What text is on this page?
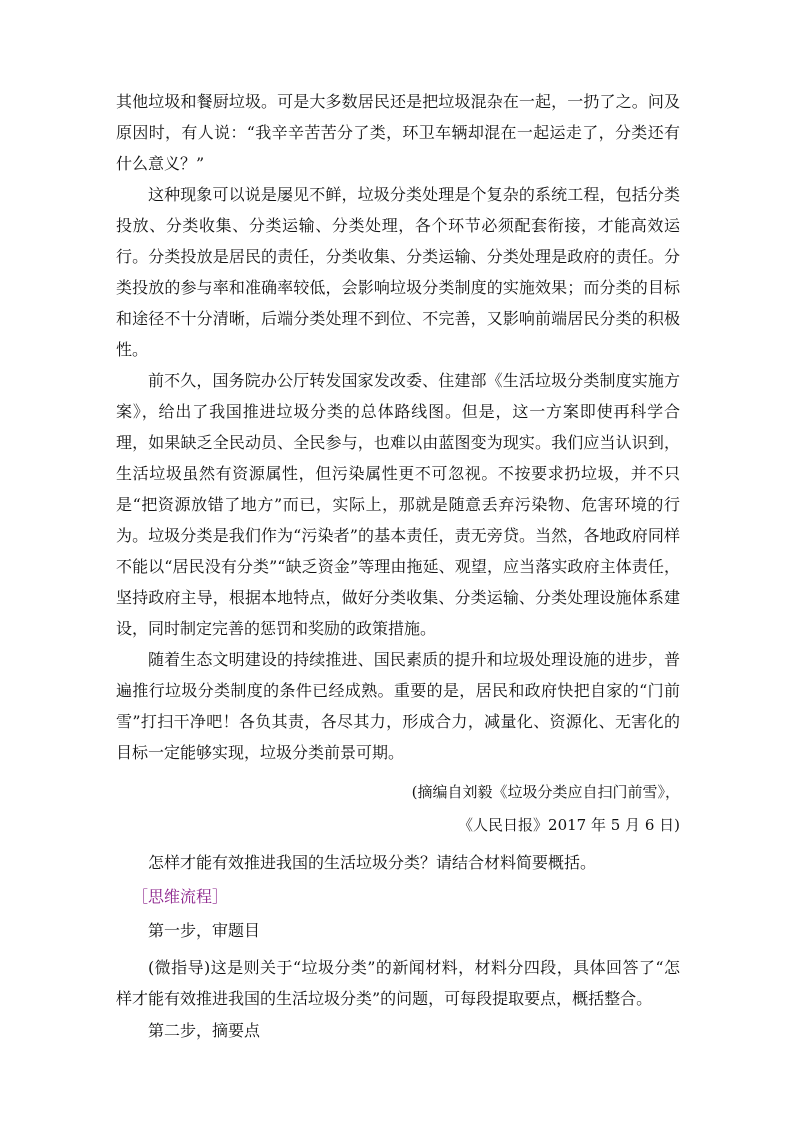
其他垃圾和餐厨垃圾。可是大多数居民还是把垃圾混杂在一起，一扔了之。问及原因时，有人说：“我辛辛苦苦分了类，环卫车辆却混在一起运走了，分类还有什么意义？”

这种现象可以说是屡见不鲜，垃圾分类处理是个复杂的系统工程，包括分类投放、分类收集、分类运输、分类处理，各个环节必须配套衔接，才能高效运行。分类投放是居民的责任，分类收集、分类运输、分类处理是政府的责任。分类投放的参与率和准确率较低，会影响垃圾分类制度的实施效果；而分类的目标和途径不十分清晰，后端分类处理不到位、不完善，又影响前端居民分类的积极性。

前不久，国务院办公厅转发国家发改委、住建部《生活垃圾分类制度实施方案》，给出了我国推进垃圾分类的总体路线图。但是，这一方案即使再科学合理，如果缺乏全民动员、全民参与，也难以由蓝图变为现实。我们应当认识到，生活垃圾虽然有资源属性，但污染属性更不可忽视。不按要求扔垃圾，并不只是“把资源放错了地方”而已，实际上，那就是随意丢弃污染物、危害环境的行为。垃圾分类是我们作为“污染者”的基本责任，责无旁贷。当然，各地政府同样不能以“居民没有分类”“缺乏资金”等理由拖延、观望，应当落实政府主体责任，坚持政府主导，根据本地特点，做好分类收集、分类运输、分类处理设施体系建设，同时制定完善的惩罚和奖励的政策措施。

随着生态文明建设的持续推进、国民素质的提升和垃圾处理设施的进步，普遍推行垃圾分类制度的条件已经成熟。重要的是，居民和政府快把自家的“门前雪”打扫干净吧！各负其责，各尽其力，形成合力，减量化、资源化、无害化的目标一定能够实现，垃圾分类前景可期。

(摘编自刘毅《垃圾分类应自扫门前雪》，

《人民日报》2017 年 5 月 6 日)

怎样才能有效推进我国的生活垃圾分类？请结合材料简要概括。

［思维流程］

第一步，审题目

(微指导)这是则关于“垃圾分类”的新闻材料，材料分四段，具体回答了“怎样才能有效推进我国的生活垃圾分类”的问题，可每段提取要点，概括整合。

第二步，摘要点
